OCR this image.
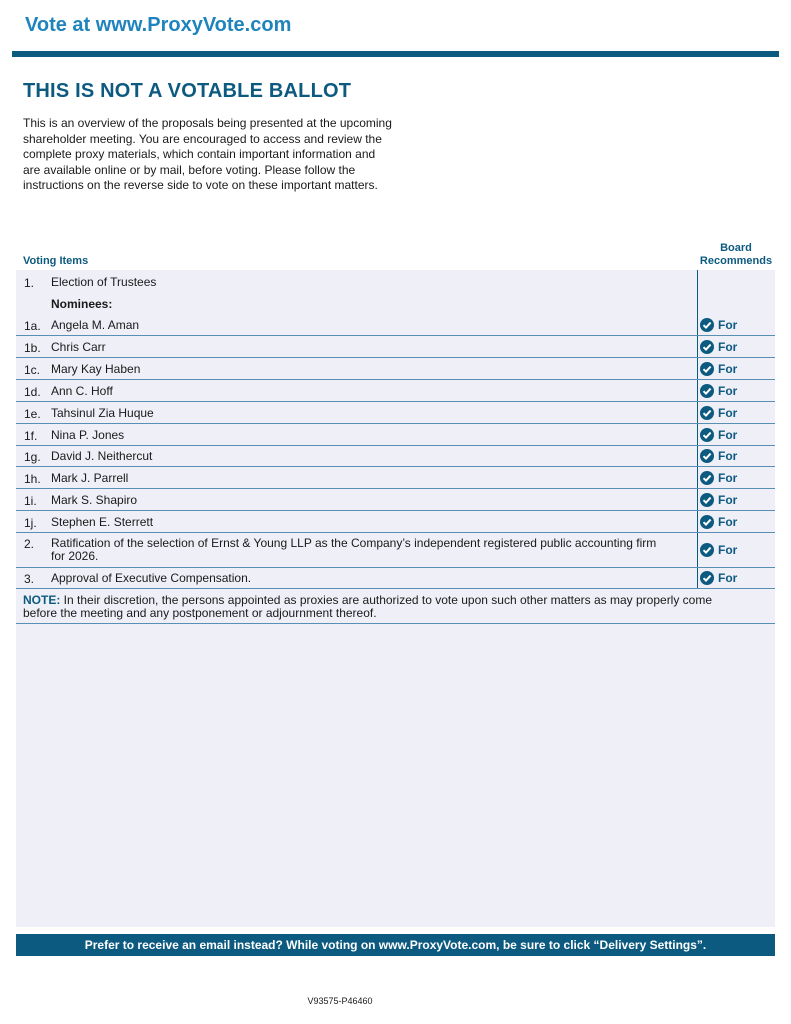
Vote at www.ProxyVote.com
THIS IS NOT A VOTABLE BALLOT
This is an overview of the proposals being presented at the upcoming shareholder meeting. You are encouraged to access and review the complete proxy materials, which contain important information and are available online or by mail, before voting. Please follow the instructions on the reverse side to vote on these important matters.
Voting Items
Board
Recommends
1. Election of Trustees
Nominees:
1a. Angela M. Aman	For
1b. Chris Carr	For
1c. Mary Kay Haben	For
1d. Ann C. Hoff	For
1e. Tahsinul Zia Huque	For
1f. Nina P. Jones	For
1g. David J. Neithercut	For
1h. Mark J. Parrell	For
1i. Mark S. Shapiro	For
1j. Stephen E. Sterrett	For
2. Ratification of the selection of Ernst & Young LLP as the Company’s independent registered public accounting firm
for 2026.	For
3. Approval of Executive Compensation.	For
NOTE: In their discretion, the persons appointed as proxies are authorized to vote upon such other matters as may properly come before the meeting and any postponement or adjournment thereof.
Prefer to receive an email instead? While voting on www.ProxyVote.com, be sure to click “Delivery Settings”.
V93575-P46460
